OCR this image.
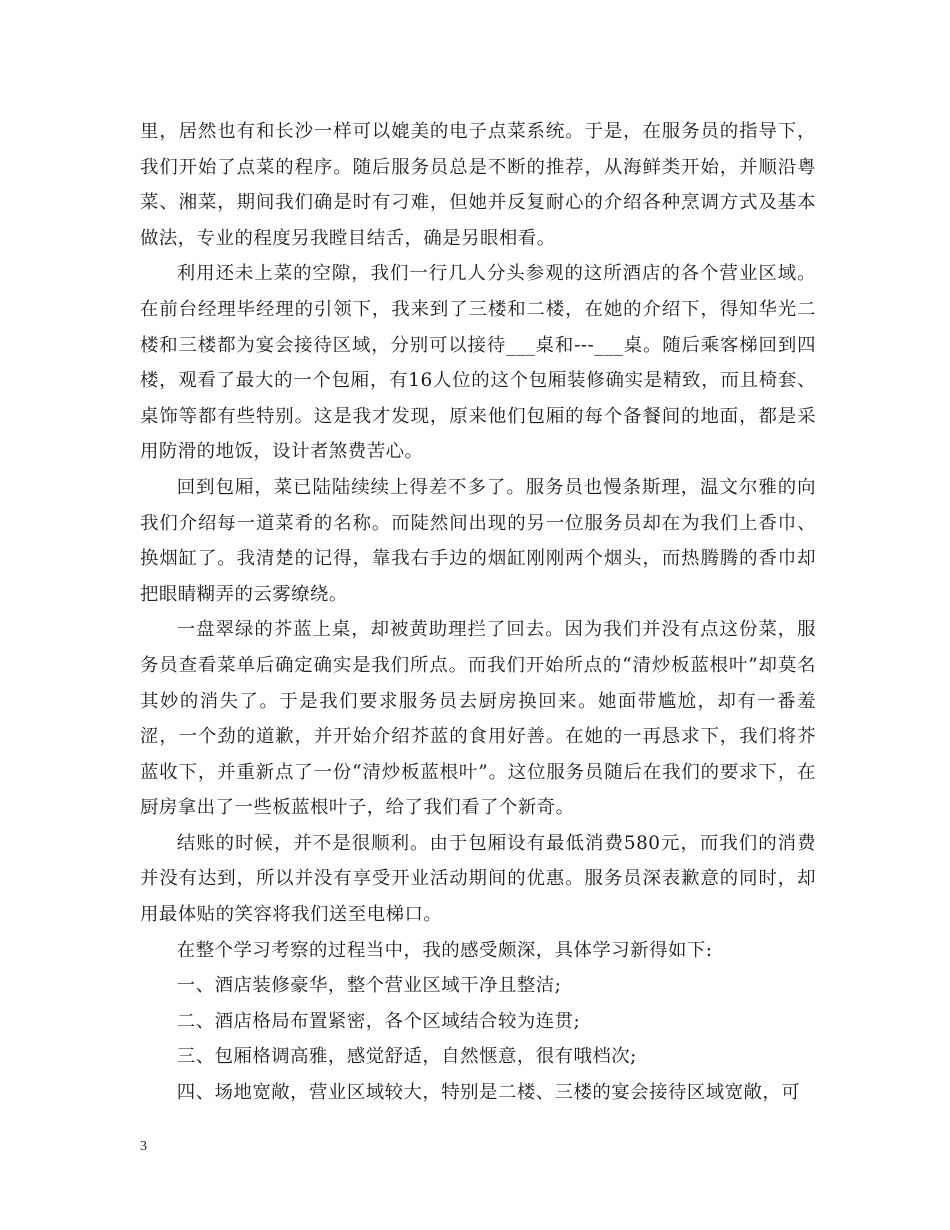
里，居然也有和长沙一样可以媲美的电子点菜系统。于是，在服务员的指导下，我们开始了点菜的程序。随后服务员总是不断的推荐，从海鲜类开始，并顺沿粤菜、湘菜，期间我们确是时有刁难，但她并反复耐心的介绍各种烹调方式及基本做法，专业的程度另我瞠目结舌，确是另眼相看。

利用还未上菜的空隙，我们一行几人分头参观的这所酒店的各个营业区域。在前台经理毕经理的引领下，我来到了三楼和二楼，在她的介绍下，得知华光二楼和三楼都为宴会接待区域，分别可以接待___桌和---___桌。随后乘客梯回到四楼，观看了最大的一个包厢，有16人位的这个包厢装修确实是精致，而且椅套、桌饰等都有些特别。这是我才发现，原来他们包厢的每个备餐间的地面，都是采用防滑的地饭，设计者煞费苦心。

回到包厢，菜已陆陆续续上得差不多了。服务员也慢条斯理，温文尔雅的向我们介绍每一道菜肴的名称。而陡然间出现的另一位服务员却在为我们上香巾、换烟缸了。我清楚的记得，靠我右手边的烟缸刚刚两个烟头，而热腾腾的香巾却把眼睛糊弄的云雾缭绕。

一盘翠绿的芥蓝上桌，却被黄助理拦了回去。因为我们并没有点这份菜，服务员查看菜单后确定确实是我们所点。而我们开始所点的“清炒板蓝根叶”却莫名其妙的消失了。于是我们要求服务员去厨房换回来。她面带尴尬，却有一番羞涩，一个劲的道歉，并开始介绍芥蓝的食用好善。在她的一再恳求下，我们将芥蓝收下，并重新点了一份“清炒板蓝根叶”。这位服务员随后在我们的要求下，在厨房拿出了一些板蓝根叶子，给了我们看了个新奇。

结账的时候，并不是很顺利。由于包厢设有最低消费580元，而我们的消费并没有达到，所以并没有享受开业活动期间的优惠。服务员深表歉意的同时，却用最体贴的笑容将我们送至电梯口。

在整个学习考察的过程当中，我的感受颇深，具体学习新得如下:

一、酒店装修豪华，整个营业区域干净且整洁;

二、酒店格局布置紧密，各个区域结合较为连贯;

三、包厢格调高雅，感觉舒适，自然惬意，很有哦档次;

四、场地宽敞，营业区域较大，特别是二楼、三楼的宴会接待区域宽敞，可

3
